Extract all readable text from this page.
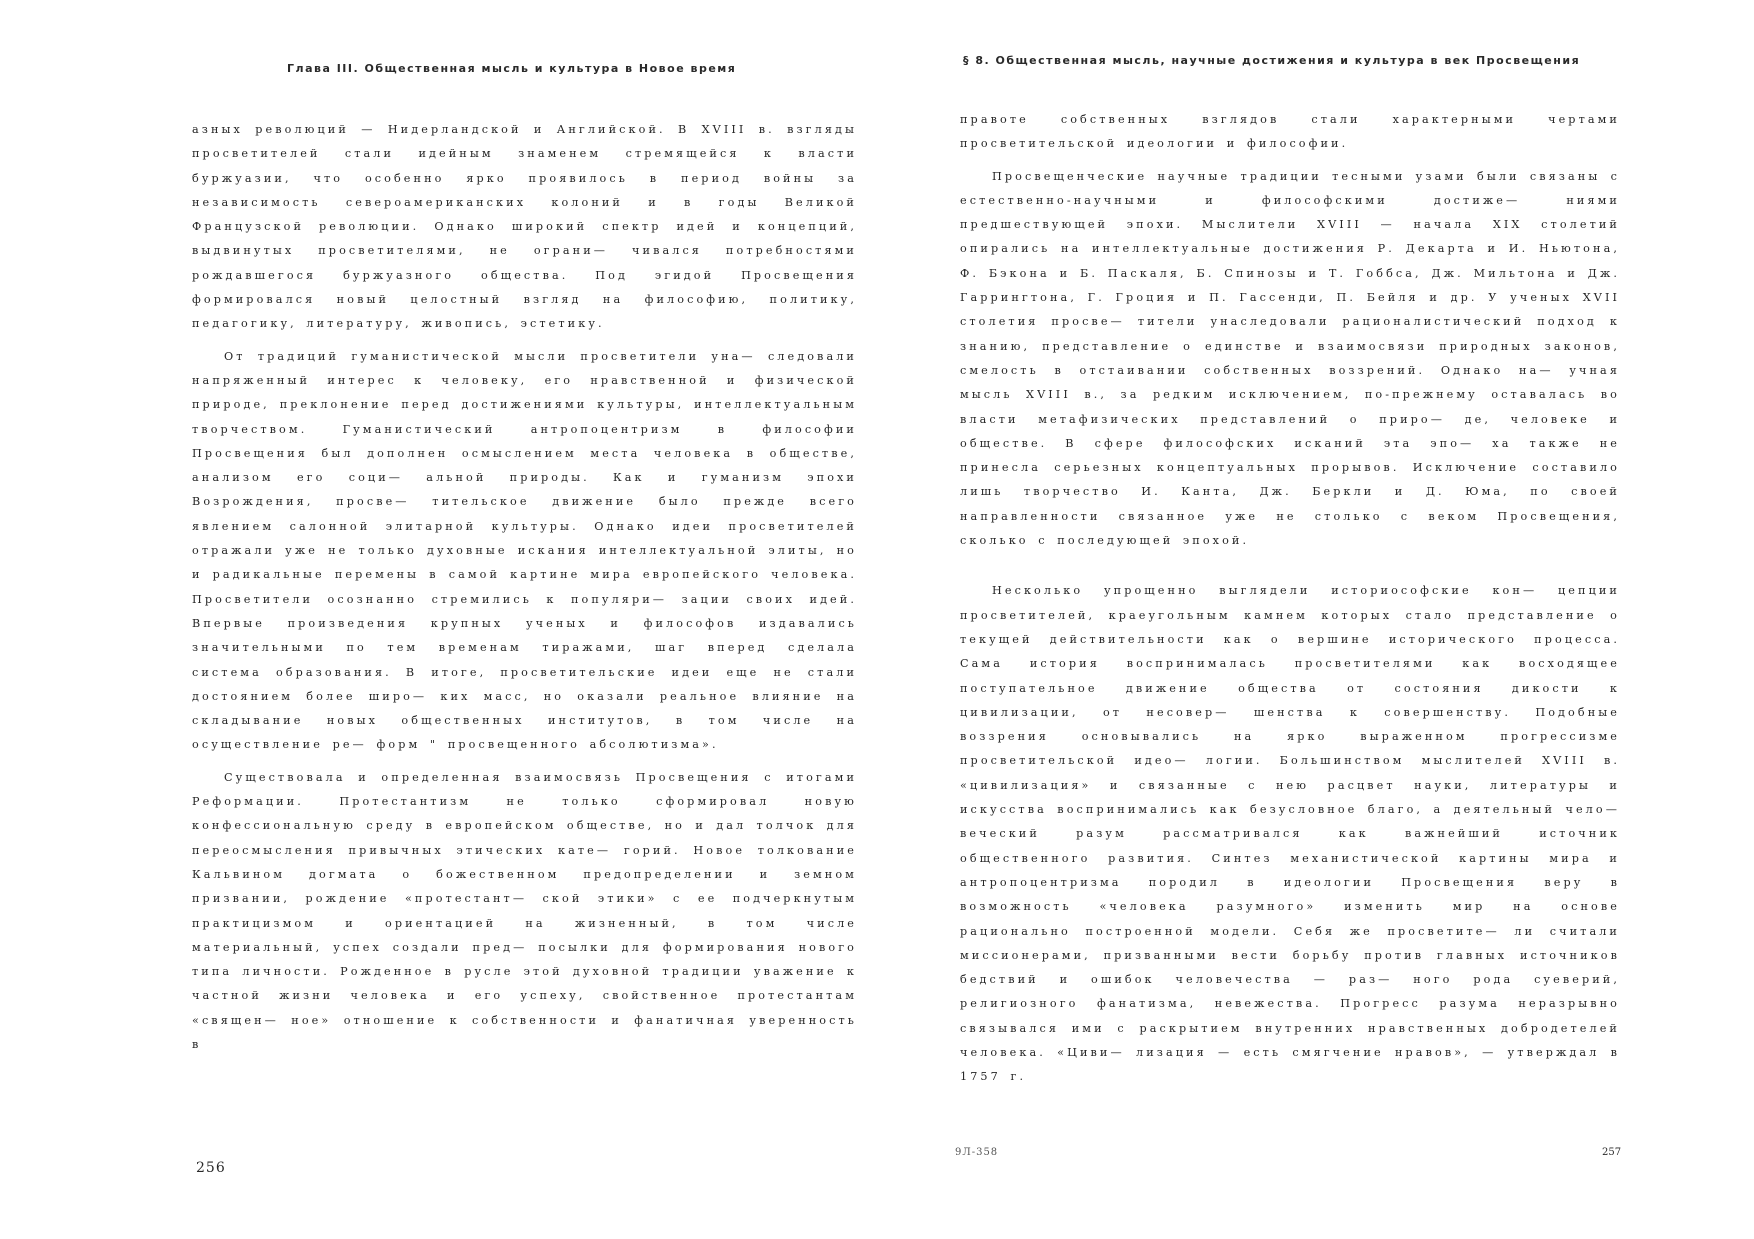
Глава III. Общественная мысль и культура в Новое время

азных революций — Нидерландской и Английской. В XVIII в. взгляды просветителей стали идейным знаменем стремящейся к власти буржуазии, что особенно ярко проявилось в период войны за независимость североамериканских колоний и в годы Великой Французской революции. Однако широкий спектр идей и концепций, выдвинутых просветителями, не ограни— чивался потребностями рождавшегося буржуазного общества. Под эгидой Просвещения формировался новый целостный взгляд на философию, политику, педагогику, литературу, живопись, эстетику.

От традиций гуманистической мысли просветители уна— следовали напряженный интерес к человеку, его нравственной и физической природе, преклонение перед достижениями культуры, интеллектуальным творчеством. Гуманистический антропоцентризм в философии Просвещения был дополнен осмыслением места человека в обществе, анализом его соци— альной природы. Как и гуманизм эпохи Возрождения, просве— тительское движение было прежде всего явлением салонной элитарной культуры. Однако идеи просветителей отражали уже не только духовные искания интеллектуальной элиты, но и радикальные перемены в самой картине мира европейского человека. Просветители осознанно стремились к популяри— зации своих идей. Впервые произведения крупных ученых и философов издавались значительными по тем временам тиражами, шаг вперед сделала система образования. В итоге, просветительские идеи еще не стали достоянием более широ— ких масс, но оказали реальное влияние на складывание новых общественных институтов, в том числе на осуществление ре— форм " просвещенного абсолютизма».

Существовала и определенная взаимосвязь Просвещения с итогами Реформации. Протестантизм не только сформировал новую конфессиональную среду в европейском обществе, но и дал толчок для переосмысления привычных этических кате— горий. Новое толкование Кальвином догмата о божественном предопределении и земном призвании, рождение «протестант— ской этики» с ее подчеркнутым практицизмом и ориентацией на жизненный, в том числе материальный, успех создали пред— посылки для формирования нового типа личности. Рожденное в русле этой духовной традиции уважение к частной жизни человека и его успеху, свойственное протестантам «священ— ное» отношение к собственности и фанатичная уверенность в

256
§ 8. Общественная мысль, научные достижения и культура в век Просвещения

правоте собственных взглядов стали характерными чертами просветительской идеологии и философии.

Просвещенческие научные традиции тесными узами были связаны с естественно-научными и философскими достиже— ниями предшествующей эпохи. Мыслители XVIII — начала XIX столетий опирались на интеллектуальные достижения Р. Декарта и И. Ньютона, Ф. Бэкона и Б. Паскаля, Б. Спинозы и Т. Гоббса, Дж. Мильтона и Дж. Гаррингтона, Г. Гроция и П. Гассенди, П. Бейля и др. У ученых XVII столетия просве— тители унаследовали рационалистический подход к знанию, представление о единстве и взаимосвязи природных законов, смелость в отстаивании собственных воззрений. Однако на— учная мысль XVIII в., за редким исключением, по-прежнему оставалась во власти метафизических представлений о приро— де, человеке и обществе. В сфере философских исканий эта эпо— ха также не принесла серьезных концептуальных прорывов. Исключение составило лишь творчество И. Канта, Дж. Беркли и Д. Юма, по своей направленности связанное уже не столько с веком Просвещения, сколько с последующей эпохой.

Несколько упрощенно выглядели историософские кон— цепции просветителей, краеугольным камнем которых стало представление о текущей действительности как о вершине исторического процесса. Сама история воспринималась просветителями как восходящее поступательное движение общества от состояния дикости к цивилизации, от несовер— шенства к совершенству. Подобные воззрения основывались на ярко выраженном прогрессизме просветительской идео— логии. Большинством мыслителей XVIII в. «цивилизация» и связанные с нею расцвет науки, литературы и искусства воспринимались как безусловное благо, а деятельный чело— веческий разум рассматривался как важнейший источник общественного развития. Синтез механистической картины мира и антропоцентризма породил в идеологии Просвещения веру в возможность «человека разумного» изменить мир на основе рационально построенной модели. Себя же просветите— ли считали миссионерами, призванными вести борьбу против главных источников бедствий и ошибок человечества — раз— ного рода суеверий, религиозного фанатизма, невежества. Прогресс разума неразрывно связывался ими с раскрытием внутренних нравственных добродетелей человека. «Циви— лизация — есть смягчение нравов», — утверждал в 1757 г.

9Л-358	257
